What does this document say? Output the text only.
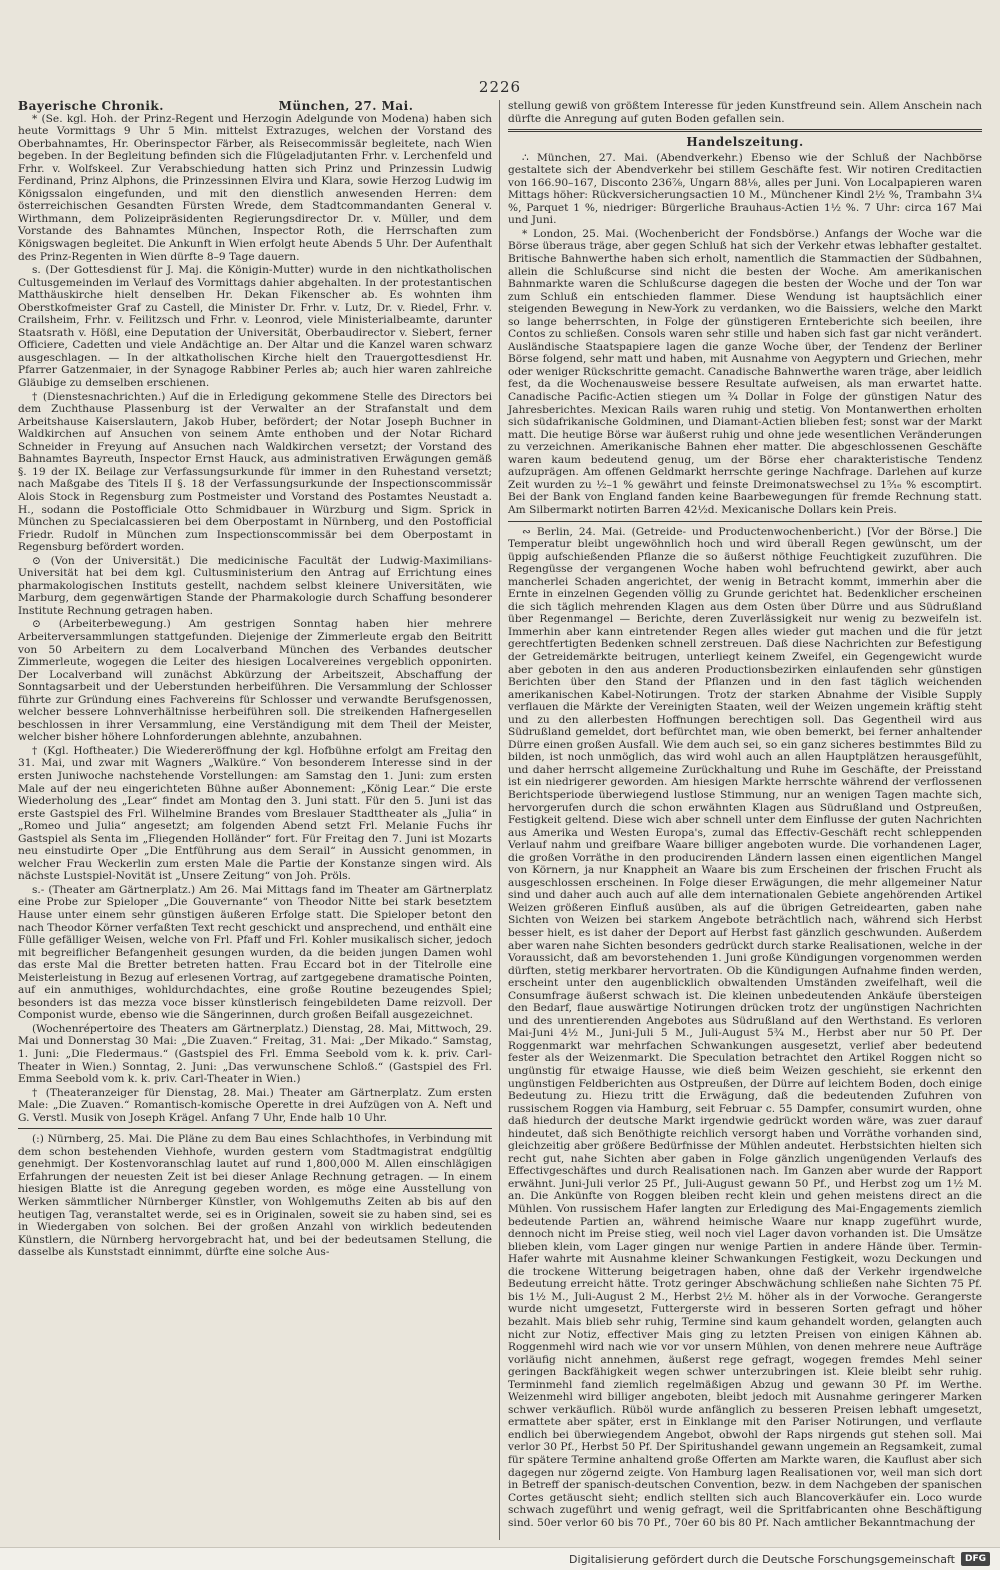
2226
Bayerische Chronik.	München, 27. Mai.

* (Se. kgl. Hoh. der Prinz-Regent und Herzogin Adelgunde von Modena) haben sich heute Vormittags 9 Uhr 5 Min. mittelst Extrazuges, welchen der Vorstand des Oberbahnamtes, Hr. Oberinspector Färber, als Reisecommissär begleitete, nach Wien begeben. In der Begleitung befinden sich die Flügeladjutanten Frhr. v. Lerchenfeld und Frhr. v. Wolfskeel. Zur Verabschiedung hatten sich Prinz und Prinzessin Ludwig Ferdinand, Prinz Alphons, die Prinzessinnen Elvira und Klara, sowie Herzog Ludwig im Königssalon eingefunden, und mit den dienstlich anwesenden Herren: dem österreichischen Gesandten Fürsten Wrede, dem Stadtcommandanten General v. Wirthmann, dem Polizeipräsidenten Regierungsdirector Dr. v. Müller, und dem Vorstande des Bahnamtes München, Inspector Roth, die Herrschaften zum Königswagen begleitet. Die Ankunft in Wien erfolgt heute Abends 5 Uhr. Der Aufenthalt des Prinz-Regenten in Wien dürfte 8–9 Tage dauern.

s. (Der Gottesdienst für J. Maj. die Königin-Mutter) wurde in den nichtkatholischen Cultusgemeinden im Verlauf des Vormittags dahier abgehalten. In der protestantischen Matthäuskirche hielt denselben Hr. Dekan Fikenscher ab. Es wohnten ihm Oberstkofmeister Graf zu Castell, die Minister Dr. Frhr. v. Lutz, Dr. v. Riedel, Frhr. v. Crailsheim, Frhr. v. Feilitzsch und Frhr. v. Leonrod, viele Ministerialbeamte, darunter Staatsrath v. Hößl, eine Deputation der Universität, Oberbaudirector v. Siebert, ferner Officiere, Cadetten und viele Andächtige an. Der Altar und die Kanzel waren schwarz ausgeschlagen. — In der altkatholischen Kirche hielt den Trauergottesdienst Hr. Pfarrer Gatzenmaier, in der Synagoge Rabbiner Perles ab; auch hier waren zahlreiche Gläubige zu demselben erschienen.

† (Dienstesnachrichten.) Auf die in Erledigung gekommene Stelle des Directors bei dem Zuchthause Plassenburg ist der Verwalter an der Strafanstalt und dem Arbeitshause Kaiserslautern, Jakob Huber, befördert; der Notar Joseph Buchner in Waldkirchen auf Ansuchen von seinem Amte enthoben und der Notar Richard Schneider in Freyung auf Ansuchen nach Waldkirchen versetzt; der Vorstand des Bahnamtes Bayreuth, Inspector Ernst Hauck, aus administrativen Erwägungen gemäß §. 19 der IX. Beilage zur Verfassungsurkunde für immer in den Ruhestand versetzt; nach Maßgabe des Titels II §. 18 der Verfassungsurkunde der Inspectionscommissär Alois Stock in Regensburg zum Postmeister und Vorstand des Postamtes Neustadt a. H., sodann die Postofficiale Otto Schmidbauer in Würzburg und Sigm. Sprick in München zu Specialcassieren bei dem Oberpostamt in Nürnberg, und den Postofficial Friedr. Rudolf in München zum Inspectionscommissär bei dem Oberpostamt in Regensburg befördert worden.

⊙ (Von der Universität.) Die medicinische Facultät der Ludwig-Maximilians-Universität hat bei dem kgl. Cultusministerium den Antrag auf Errichtung eines pharmakologischen Instituts gestellt, nachdem selbst kleinere Universitäten, wie Marburg, dem gegenwärtigen Stande der Pharmakologie durch Schaffung besonderer Institute Rechnung getragen haben.

⊙ (Arbeiterbewegung.) Am gestrigen Sonntag haben hier mehrere Arbeiterversammlungen stattgefunden. Diejenige der Zimmerleute ergab den Beitritt von 50 Arbeitern zu dem Localverband München des Verbandes deutscher Zimmerleute, wogegen die Leiter des hiesigen Localvereines vergeblich opponirten. Der Localverband will zunächst Abkürzung der Arbeitszeit, Abschaffung der Sonntagsarbeit und der Ueberstunden herbeiführen. Die Versammlung der Schlosser führte zur Gründung eines Fachvereins für Schlosser und verwandte Berufsgenossen, welcher bessere Lohnverhältnisse herbeiführen soll. Die streikenden Hafnergesellen beschlossen in ihrer Versammlung, eine Verständigung mit dem Theil der Meister, welcher bisher höhere Lohnforderungen ablehnte, anzubahnen.

† (Kgl. Hoftheater.) Die Wiedereröffnung der kgl. Hofbühne erfolgt am Freitag den 31. Mai, und zwar mit Wagners „Walküre.“ Von besonderem Interesse sind in der ersten Juniwoche nachstehende Vorstellungen: am Samstag den 1. Juni: zum ersten Male auf der neu eingerichteten Bühne außer Abonnement: „König Lear.“ Die erste Wiederholung des „Lear“ findet am Montag den 3. Juni statt. Für den 5. Juni ist das erste Gastspiel des Frl. Wilhelmine Brandes vom Breslauer Stadttheater als „Julia“ in „Romeo und Julia“ angesetzt; am folgenden Abend setzt Frl. Melanie Fuchs ihr Gastspiel als Senta im „Fliegenden Holländer“ fort. Für Freitag den 7. Juni ist Mozarts neu einstudirte Oper „Die Entführung aus dem Serail“ in Aussicht genommen, in welcher Frau Weckerlin zum ersten Male die Partie der Konstanze singen wird. Als nächste Lustspiel-Novität ist „Unsere Zeitung“ von Joh. Pröls.

s.- (Theater am Gärtnerplatz.) Am 26. Mai Mittags fand im Theater am Gärtnerplatz eine Probe zur Spieloper „Die Gouvernante“ von Theodor Nitte bei stark besetztem Hause unter einem sehr günstigen äußeren Erfolge statt. Die Spieloper betont den nach Theodor Körner verfaßten Text recht geschickt und ansprechend, und enthält eine Fülle gefälliger Weisen, welche von Frl. Pfaff und Frl. Kohler musikalisch sicher, jedoch mit begreiflicher Befangenheit gesungen wurden, da die beiden jungen Damen wohl das erste Mal die Bretter betreten hatten. Frau Eccard bot in der Titelrolle eine Meisterleistung in Bezug auf erlesenen Vortrag, auf zartgegebene dramatische Pointen, auf ein anmuthiges, wohldurchdachtes, eine große Routine bezeugendes Spiel; besonders ist das mezza voce bisser künstlerisch feingebildeten Dame reizvoll. Der Componist wurde, ebenso wie die Sängerinnen, durch großen Beifall ausgezeichnet.

(Wochenrépertoire des Theaters am Gärtnerplatz.) Dienstag, 28. Mai, Mittwoch, 29. Mai und Donnerstag 30 Mai: „Die Zuaven.“ Freitag, 31. Mai: „Der Mikado.“ Samstag, 1. Juni: „Die Fledermaus.“ (Gastspiel des Frl. Emma Seebold vom k. k. priv. Carl-Theater in Wien.) Sonntag, 2. Juni: „Das verwunschene Schloß.“ (Gastspiel des Frl. Emma Seebold vom k. k. priv. Carl-Theater in Wien.)

† (Theateranzeiger für Dienstag, 28. Mai.) Theater am Gärtnerplatz. Zum ersten Male: „Die Zuaven.“ Romantisch-komische Operette in drei Aufzügen von A. Neft und G. Verstl. Musik von Joseph Krägel. Anfang 7 Uhr, Ende halb 10 Uhr.

(:) Nürnberg, 25. Mai. Die Pläne zu dem Bau eines Schlachthofes, in Verbindung mit dem schon bestehenden Viehhofe, wurden gestern vom Stadtmagistrat endgültig genehmigt. Der Kostenvoranschlag lautet auf rund 1,800,000 M. Allen einschlägigen Erfahrungen der neuesten Zeit ist bei dieser Anlage Rechnung getragen. — In einem hiesigen Blatte ist die Anregung gegeben worden, es möge eine Ausstellung von Werken sämmtlicher Nürnberger Künstler, von Wohlgemuths Zeiten ab bis auf den heutigen Tag, veranstaltet werde, sei es in Originalen, soweit sie zu haben sind, sei es in Wiedergaben von solchen. Bei der großen Anzahl von wirklich bedeutenden Künstlern, die Nürnberg hervorgebracht hat, und bei der bedeutsamen Stellung, die dasselbe als Kunststadt einnimmt, dürfte eine solche Aus-

stellung gewiß von größtem Interesse für jeden Kunstfreund sein. Allem Anschein nach dürfte die Anregung auf guten Boden gefallen sein.

Handelszeitung.

∴ München, 27. Mai. (Abendverkehr.) Ebenso wie der Schluß der Nachbörse gestaltete sich der Abendverkehr bei stillem Geschäfte fest. Wir notiren Creditactien von 166.90–167, Disconto 236⅞, Ungarn 88⅛, alles per Juni. Von Localpapieren waren Mittags höher: Rückversicherungsactien 10 M., Münchener Kindl 2½ %, Trambahn 3¼ %, Parquet 1 %, niedriger: Bürgerliche Brauhaus-Actien 1½ %. 7 Uhr: circa 167 Mai und Juni.

* London, 25. Mai. (Wochenbericht der Fondsbörse.) Anfangs der Woche war die Börse überaus träge, aber gegen Schluß hat sich der Verkehr etwas lebhafter gestaltet. Britische Bahnwerthe haben sich erholt, namentlich die Stammactien der Südbahnen, allein die Schlußcurse sind nicht die besten der Woche. Am amerikanischen Bahnmarkte waren die Schlußcurse dagegen die besten der Woche und der Ton war zum Schluß ein entschieden flammer. Diese Wendung ist hauptsächlich einer steigenden Bewegung in New-York zu verdanken, wo die Baissiers, welche den Markt so lange beherrschten, in Folge der günstigeren Ernteberichte sich beeilen, ihre Contos zu schließen. Consols waren sehr stille und haben sich fast gar nicht verändert. Ausländische Staatspapiere lagen die ganze Woche über, der Tendenz der Berliner Börse folgend, sehr matt und haben, mit Ausnahme von Aegyptern und Griechen, mehr oder weniger Rückschritte gemacht. Canadische Bahnwerthe waren träge, aber leidlich fest, da die Wochenausweise bessere Resultate aufweisen, als man erwartet hatte. Canadische Pacific-Actien stiegen um ¾ Dollar in Folge der günstigen Natur des Jahresberichtes. Mexican Rails waren ruhig und stetig. Von Montanwerthen erholten sich südafrikanische Goldminen, und Diamant-Actien blieben fest; sonst war der Markt matt. Die heutige Börse war äußerst ruhig und ohne jede wesentlichen Veränderungen zu verzeichnen. Amerikanische Bahnen eher matter. Die abgeschlossenen Geschäfte waren kaum bedeutend genug, um der Börse eher charakteristische Tendenz aufzuprägen. Am offenen Geldmarkt herrschte geringe Nachfrage. Darlehen auf kurze Zeit wurden zu ½–1 % gewährt und feinste Dreimonatswechsel zu 1⁵⁄₁₆ % escomptirt. Bei der Bank von England fanden keine Baarbewegungen für fremde Rechnung statt. Am Silbermarkt notirten Barren 42½d. Mexicanische Dollars kein Preis.

∾ Berlin, 24. Mai. (Getreide- und Productenwochenbericht.) [Vor der Börse.] Die Temperatur bleibt ungewöhnlich hoch und wird überall Regen gewünscht, um der üppig aufschießenden Pflanze die so äußerst nöthige Feuchtigkeit zuzuführen. Die Regengüsse der vergangenen Woche haben wohl befruchtend gewirkt, aber auch mancherlei Schaden angerichtet, der wenig in Betracht kommt, immerhin aber die Ernte in einzelnen Gegenden völlig zu Grunde gerichtet hat. Bedenklicher erscheinen die sich täglich mehrenden Klagen aus dem Osten über Dürre und aus Südrußland über Regenmangel — Berichte, deren Zuverlässigkeit nur wenig zu bezweifeln ist. Immerhin aber kann eintretender Regen alles wieder gut machen und die für jetzt gerechtfertigten Bedenken schnell zerstreuen. Daß diese Nachrichten zur Befestigung der Getreidemärkte beitrugen, unterliegt keinem Zweifel, ein Gegengewicht wurde aber geboten in den aus anderen Productionsbezirken einlaufenden sehr günstigen Berichten über den Stand der Pflanzen und in den fast täglich weichenden amerikanischen Kabel-Notirungen. Trotz der starken Abnahme der Visible Supply verflauen die Märkte der Vereinigten Staaten, weil der Weizen ungemein kräftig steht und zu den allerbesten Hoffnungen berechtigen soll. Das Gegentheil wird aus Südrußland gemeldet, dort befürchtet man, wie oben bemerkt, bei ferner anhaltender Dürre einen großen Ausfall. Wie dem auch sei, so ein ganz sicheres bestimmtes Bild zu bilden, ist noch unmöglich, das wird wohl auch an allen Hauptplätzen herausgefühlt, und daher herrscht allgemeine Zurückhaltung und Ruhe im Geschäfte, der Preisstand ist ein niedrigerer geworden. Am hiesigen Markte herrschte während der verflossenen Berichtsperiode überwiegend lustlose Stimmung, nur an wenigen Tagen machte sich, hervorgerufen durch die schon erwähnten Klagen aus Südrußland und Ostpreußen, Festigkeit geltend. Diese wich aber schnell unter dem Einflusse der guten Nachrichten aus Amerika und Westen Europa's, zumal das Effectiv-Geschäft recht schleppenden Verlauf nahm und greifbare Waare billiger angeboten wurde. Die vorhandenen Lager, die großen Vorräthe in den producirenden Ländern lassen einen eigentlichen Mangel von Körnern, ja nur Knappheit an Waare bis zum Erscheinen der frischen Frucht als ausgeschlossen erscheinen. In Folge dieser Erwägungen, die mehr allgemeiner Natur sind und daher auch auch auf alle dem internationalen Gebiete angehörenden Artikel Weizen größeren Einfluß ausüben, als auf die übrigen Getreidearten, gaben nahe Sichten von Weizen bei starkem Angebote beträchtlich nach, während sich Herbst besser hielt, es ist daher der Deport auf Herbst fast gänzlich geschwunden. Außerdem aber waren nahe Sichten besonders gedrückt durch starke Realisationen, welche in der Voraussicht, daß am bevorstehenden 1. Juni große Kündigungen vorgenommen werden dürften, stetig merkbarer hervortraten. Ob die Kündigungen Aufnahme finden werden, erscheint unter den augenblicklich obwaltenden Umständen zweifelhaft, weil die Consumfrage äußerst schwach ist. Die kleinen unbedeutenden Ankäufe übersteigen den Bedarf, flaue auswärtige Notirungen drücken trotz der ungünstigen Nachrichten und des unrentierenden Angebotes aus Südrußland auf den Werthstand. Es verloren Mai-Juni 4½ M., Juni-Juli 5 M., Juli-August 5¾ M., Herbst aber nur 50 Pf. Der Roggenmarkt war mehrfachen Schwankungen ausgesetzt, verlief aber bedeutend fester als der Weizenmarkt. Die Speculation betrachtet den Artikel Roggen nicht so ungünstig für etwaige Hausse, wie dieß beim Weizen geschieht, sie erkennt den ungünstigen Feldberichten aus Ostpreußen, der Dürre auf leichtem Boden, doch einige Bedeutung zu. Hiezu tritt die Erwägung, daß die bedeutenden Zufuhren von russischem Roggen via Hamburg, seit Februar c. 55 Dampfer, consumirt wurden, ohne daß hiedurch der deutsche Markt irgendwie gedrückt worden wäre, was zuer darauf hindeutet, daß sich Benöthigte reichlich versorgt haben und Vorräthe vorhanden sind, gleichzeitig aber größere Bedürfnisse der Mühlen andeutet. Herbstsichten hielten sich recht gut, nahe Sichten aber gaben in Folge gänzlich ungenügenden Verlaufs des Effectivgeschäftes und durch Realisationen nach. Im Ganzen aber wurde der Rapport erwähnt. Juni-Juli verlor 25 Pf., Juli-August gewann 50 Pf., und Herbst zog um 1½ M. an. Die Ankünfte von Roggen bleiben recht klein und gehen meistens direct an die Mühlen. Von russischem Hafer langten zur Erledigung des Mai-Engagements ziemlich bedeutende Partien an, während heimische Waare nur knapp zugeführt wurde, dennoch nicht im Preise stieg, weil noch viel Lager davon vorhanden ist. Die Umsätze blieben klein, vom Lager gingen nur wenige Partien in andere Hände über. Termin-Hafer wahrte mit Ausnahme kleiner Schwankungen Festigkeit, wozu Deckungen und die trockene Witterung beigetragen haben, ohne daß der Verkehr irgendwelche Bedeutung erreicht hätte. Trotz geringer Abschwächung schließen nahe Sichten 75 Pf. bis 1½ M., Juli-August 2 M., Herbst 2½ M. höher als in der Vorwoche. Gerangerste wurde nicht umgesetzt, Futtergerste wird in besseren Sorten gefragt und höher bezahlt. Mais blieb sehr ruhig, Termine sind kaum gehandelt worden, gelangten auch nicht zur Notiz, effectiver Mais ging zu letzten Preisen von einigen Kähnen ab. Roggenmehl wird nach wie vor vor unsern Mühlen, von denen mehrere neue Aufträge vorläufig nicht annehmen, äußerst rege gefragt, wogegen fremdes Mehl seiner geringen Backfähigkeit wegen schwer unterzubringen ist. Kleie bleibt sehr ruhig. Terminmehl fand ziemlich regelmäßigen Abzug und gewann 30 Pf. im Werthe. Weizenmehl wird billiger angeboten, bleibt jedoch mit Ausnahme geringerer Marken schwer verkäuflich. Rüböl wurde anfänglich zu besseren Preisen lebhaft umgesetzt, ermattete aber später, erst in Einklange mit den Pariser Notirungen, und verflaute endlich bei überwiegendem Angebot, obwohl der Raps nirgends gut stehen soll. Mai verlor 30 Pf., Herbst 50 Pf. Der Spiritushandel gewann ungemein an Regsamkeit, zumal für spätere Termine anhaltend große Offerten am Markte waren, die Kauflust aber sich dagegen nur zögernd zeigte. Von Hamburg lagen Realisationen vor, weil man sich dort in Betreff der spanisch-deutschen Convention, bezw. in dem Nachgeben der spanischen Cortes getäuscht sieht; endlich stellten sich auch Blancoverkäufer ein. Loco wurde schwach zugeführt und wenig gefragt, weil die Spritfabricanten ohne Beschäftigung sind. 50er verlor 60 bis 70 Pf., 70er 60 bis 80 Pf. Nach amtlicher Bekanntmachung der

Digitalisierung gefördert durch die Deutsche Forschungsgemeinschaft	DFG
